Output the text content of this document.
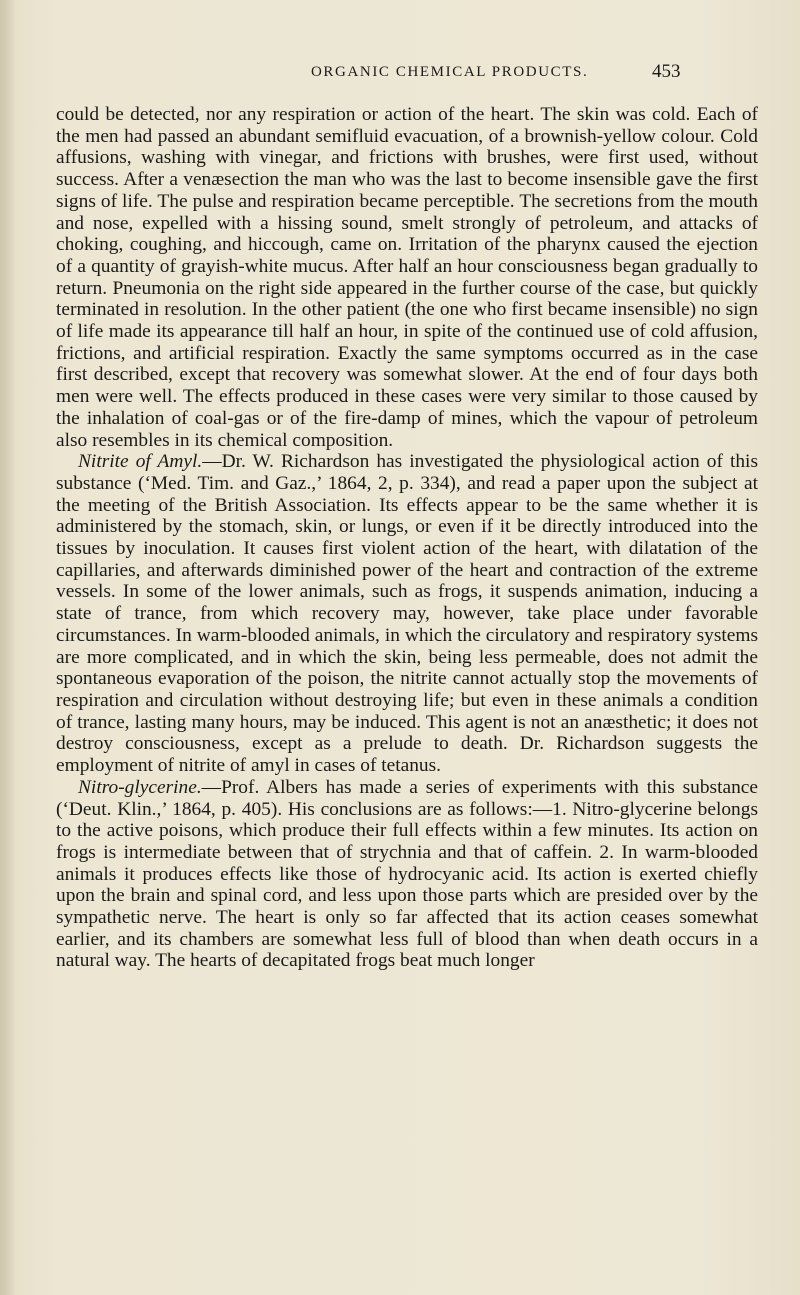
ORGANIC CHEMICAL PRODUCTS.	453

could be detected, nor any respiration or action of the heart. The skin was cold. Each of the men had passed an abundant semifluid evacuation, of a brownish-yellow colour. Cold affusions, washing with vinegar, and frictions with brushes, were first used, without success. After a venæsection the man who was the last to become insensible gave the first signs of life. The pulse and respiration became perceptible. The secretions from the mouth and nose, expelled with a hissing sound, smelt strongly of petroleum, and attacks of choking, coughing, and hiccough, came on. Irritation of the pharynx caused the ejection of a quantity of grayish-white mucus. After half an hour consciousness began gradually to return. Pneumonia on the right side appeared in the further course of the case, but quickly terminated in resolution. In the other patient (the one who first became insensible) no sign of life made its appearance till half an hour, in spite of the continued use of cold affusion, frictions, and artificial respiration. Exactly the same symptoms occurred as in the case first described, except that recovery was somewhat slower. At the end of four days both men were well. The effects produced in these cases were very similar to those caused by the inhalation of coal-gas or of the fire-damp of mines, which the vapour of petroleum also resembles in its chemical composition.

Nitrite of Amyl.—Dr. W. Richardson has investigated the physiological action of this substance (‘Med. Tim. and Gaz.,’ 1864, 2, p. 334), and read a paper upon the subject at the meeting of the British Association. Its effects appear to be the same whether it is administered by the stomach, skin, or lungs, or even if it be directly introduced into the tissues by inoculation. It causes first violent action of the heart, with dilatation of the capillaries, and afterwards diminished power of the heart and contraction of the extreme vessels. In some of the lower animals, such as frogs, it suspends animation, inducing a state of trance, from which recovery may, however, take place under favorable circumstances. In warm-blooded animals, in which the circulatory and respiratory systems are more complicated, and in which the skin, being less permeable, does not admit the spontaneous evaporation of the poison, the nitrite cannot actually stop the movements of respiration and circulation without destroying life; but even in these animals a condition of trance, lasting many hours, may be induced. This agent is not an anæsthetic; it does not destroy consciousness, except as a prelude to death. Dr. Richardson suggests the employment of nitrite of amyl in cases of tetanus.

Nitro-glycerine.—Prof. Albers has made a series of experiments with this substance (‘Deut. Klin.,’ 1864, p. 405). His conclusions are as follows:—1. Nitro-glycerine belongs to the active poisons, which produce their full effects within a few minutes. Its action on frogs is intermediate between that of strychnia and that of caffein. 2. In warm-blooded animals it produces effects like those of hydrocyanic acid. Its action is exerted chiefly upon the brain and spinal cord, and less upon those parts which are presided over by the sympathetic nerve. The heart is only so far affected that its action ceases somewhat earlier, and its chambers are somewhat less full of blood than when death occurs in a natural way. The hearts of decapitated frogs beat much longer
